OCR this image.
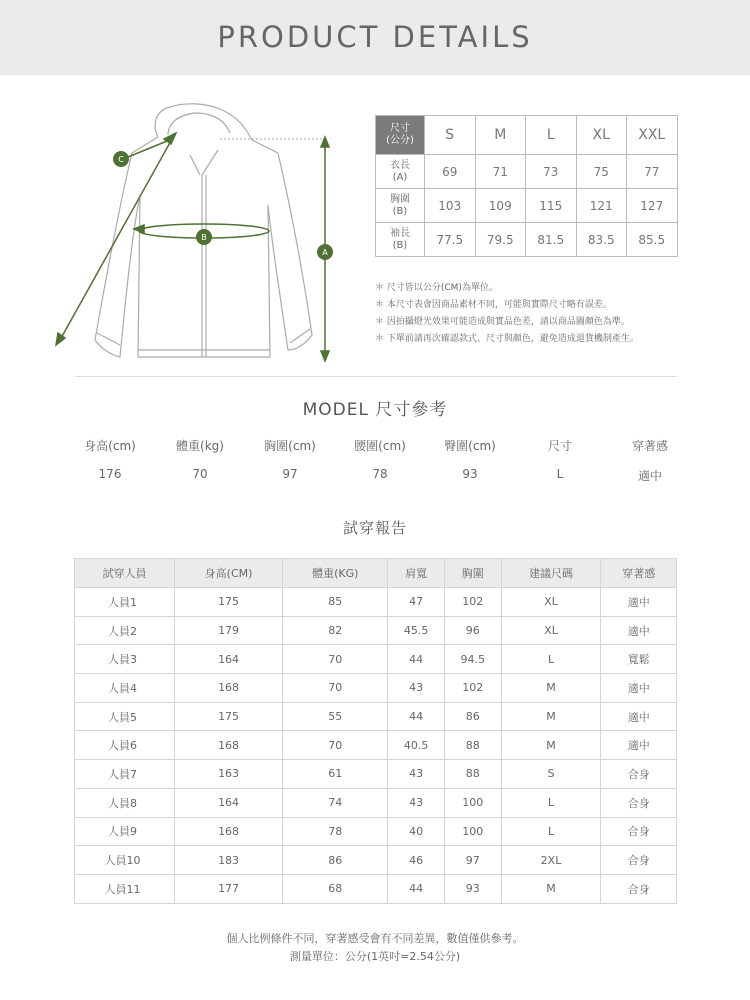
PRODUCT DETAILS
A
B
C
尺寸
(公分)	S	M	L	XL	XXL
衣長
(A)	69	71	73	75	77
胸圍
(B)	103	109	115	121	127
袖長
(B)	77.5	79.5	81.5	83.5	85.5
＊ 尺寸皆以公分(CM)為單位。
＊ 本尺寸表會因商品素材不同，可能與實際尺寸略有誤差。
＊ 因拍攝燈光效果可能造成與實品色差，請以商品圖顏色為準。
＊ 下單前請再次確認款式、尺寸與顏色，避免造成退貨機制產生。
MODEL 尺寸參考
身高(cm)	體重(kg)	胸圍(cm)	腰圍(cm)	臀圍(cm)	尺寸	穿著感
176	70	97	78	93	L	適中
試穿報告
試穿人員	身高(CM)	體重(KG)	肩寬	胸圍	建議尺碼	穿著感
人員1	175	85	47	102	XL	適中
人員2	179	82	45.5	96	XL	適中
人員3	164	70	44	94.5	L	寬鬆
人員4	168	70	43	102	M	適中
人員5	175	55	44	86	M	適中
人員6	168	70	40.5	88	M	適中
人員7	163	61	43	88	S	合身
人員8	164	74	43	100	L	合身
人員9	168	78	40	100	L	合身
人員10	183	86	46	97	2XL	合身
人員11	177	68	44	93	M	合身
個人比例條件不同，穿著感受會有不同差異，數值僅供參考。
測量單位：公分(1英吋=2.54公分)
